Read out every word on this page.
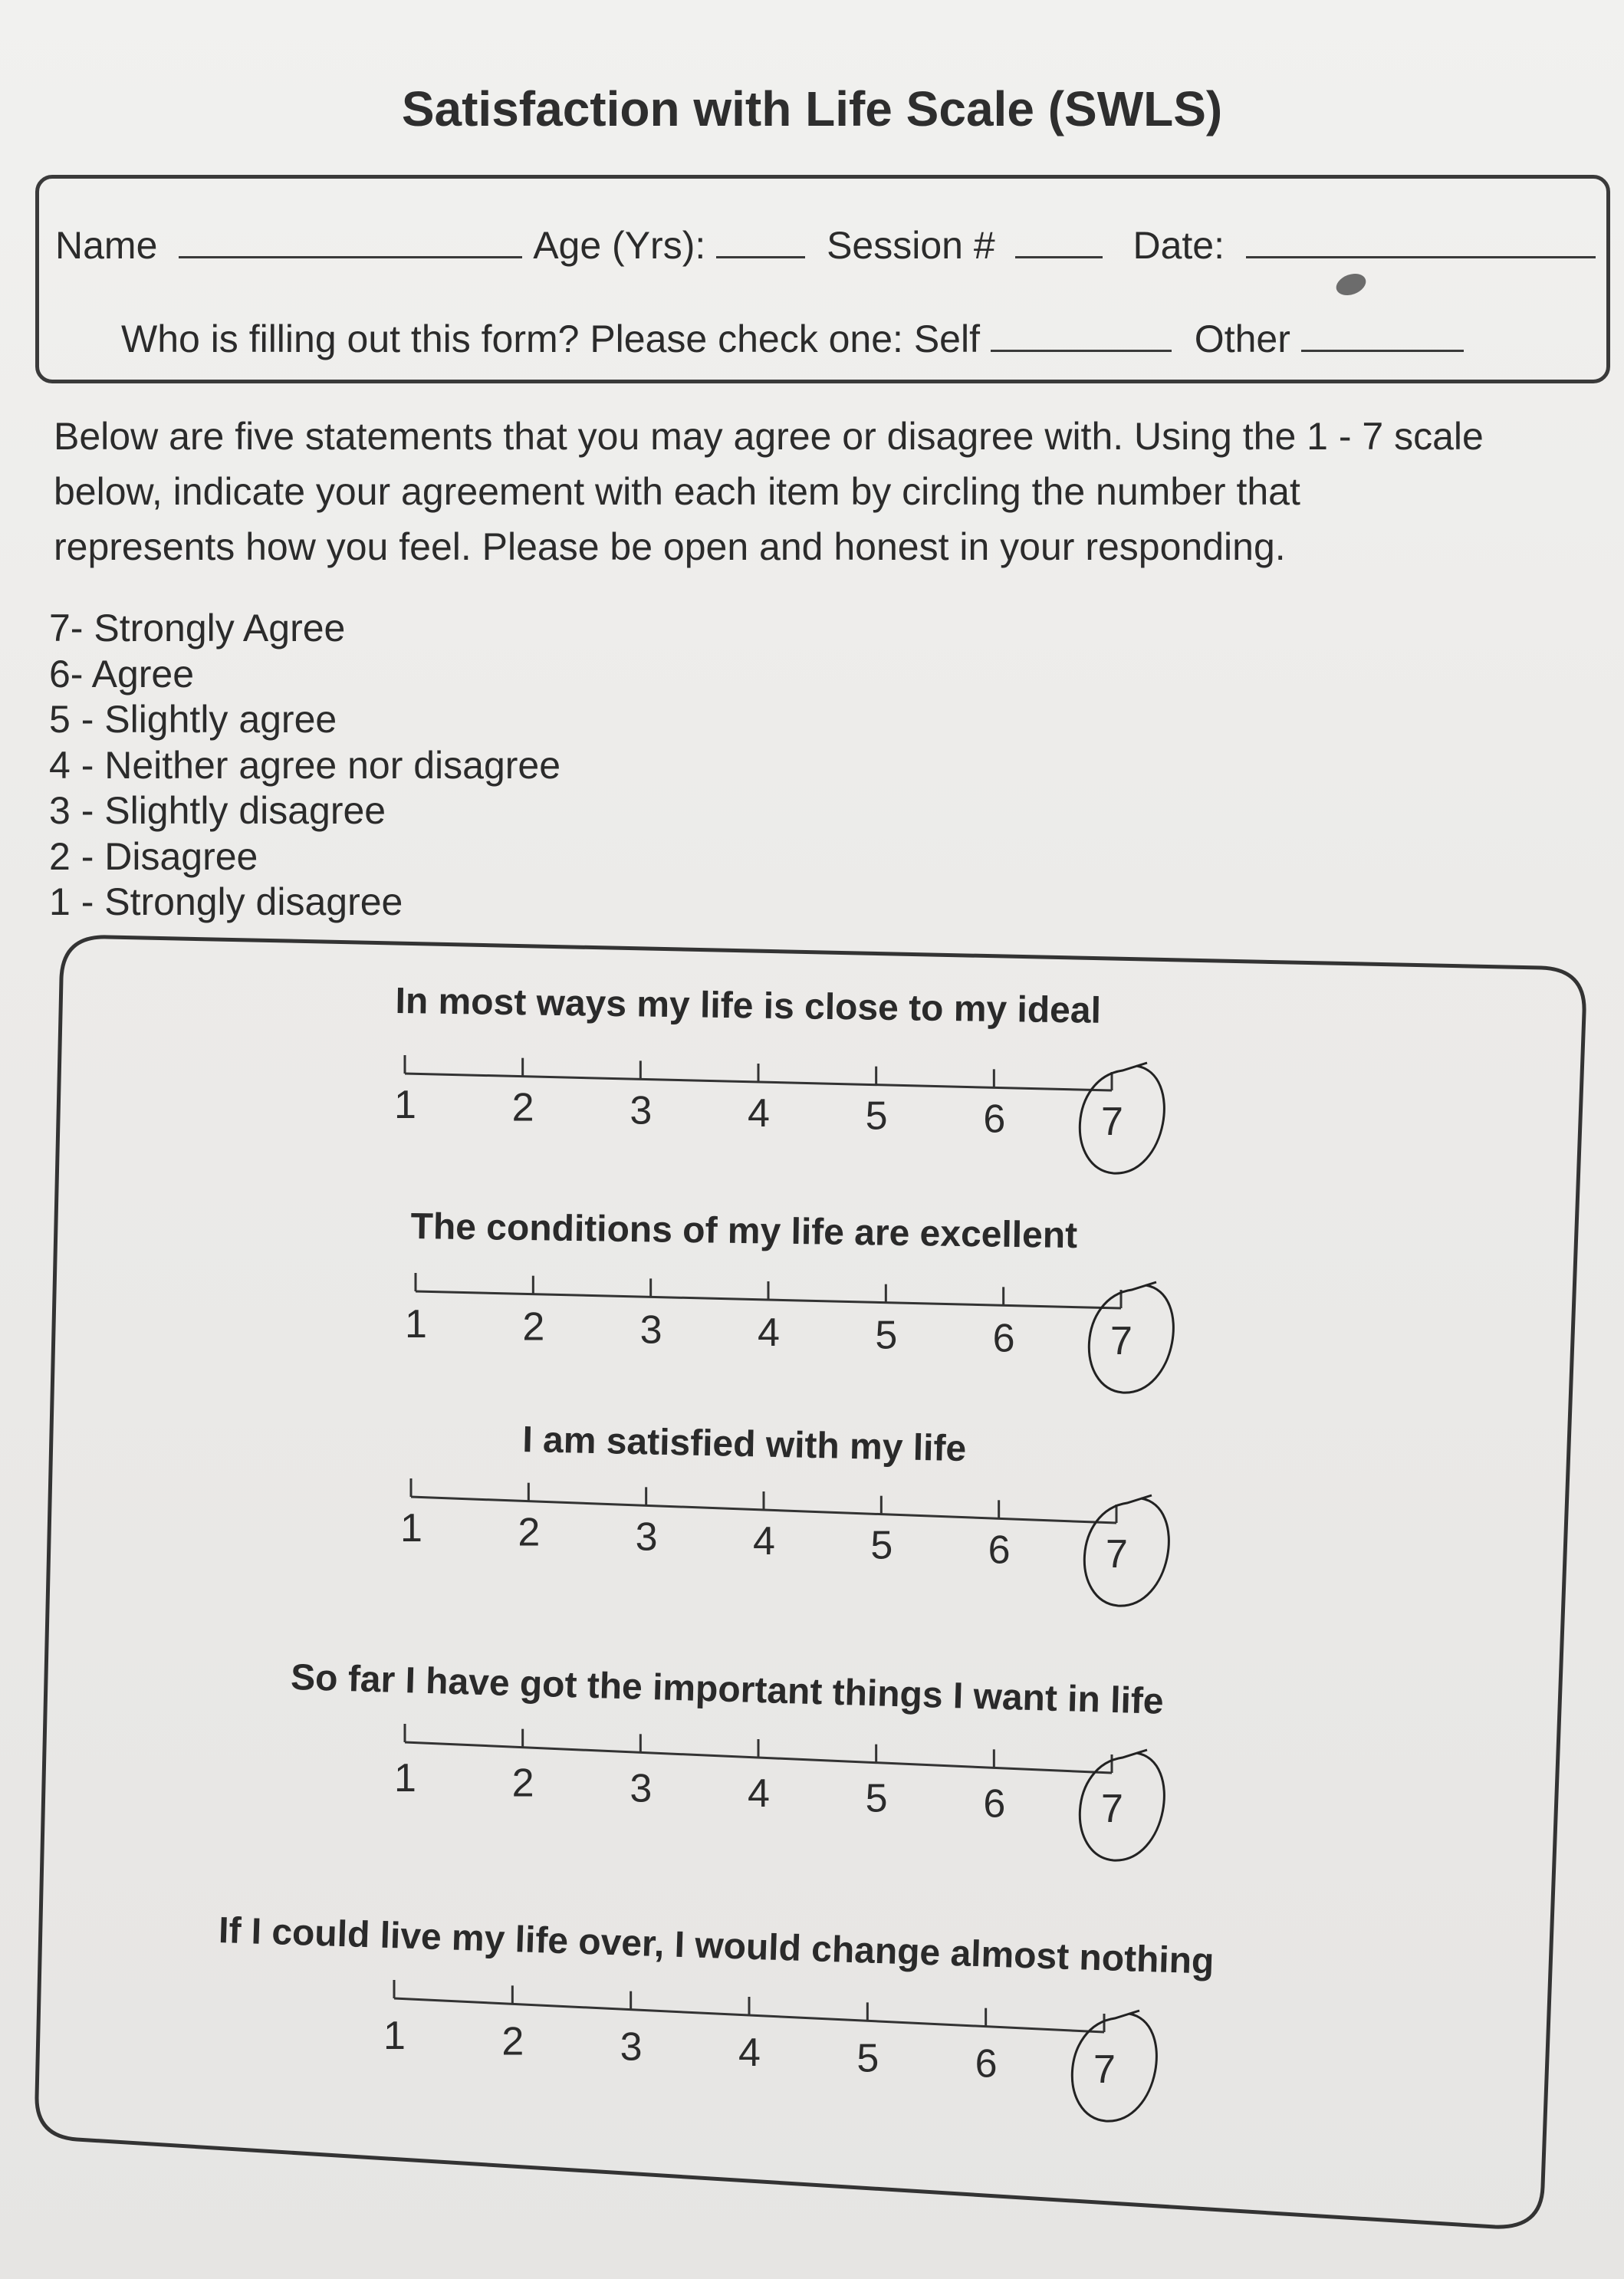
Satisfaction with Life Scale (SWLS)
Name	Age (Yrs):	Session #	Date:
Who is filling out this form? Please check one: Self	Other
Below are five statements that you may agree or disagree with. Using the 1 - 7 scale
below, indicate your agreement with each item by circling the number that
represents how you feel. Please be open and honest in your responding.
7- Strongly Agree
6- Agree
5 - Slightly agree
4 - Neither agree nor disagree
3 - Slightly disagree
2 - Disagree
1 - Strongly disagree
In most ways my life is close to my ideal
1 2 3 4 5 6 7
The conditions of my life are excellent
1 2 3 4 5 6 7
I am satisfied with my life
1 2 3 4 5 6 7
So far I have got the important things I want in life
1 2 3 4 5 6 7
If I could live my life over, I would change almost nothing
1 2 3 4 5 6 7
